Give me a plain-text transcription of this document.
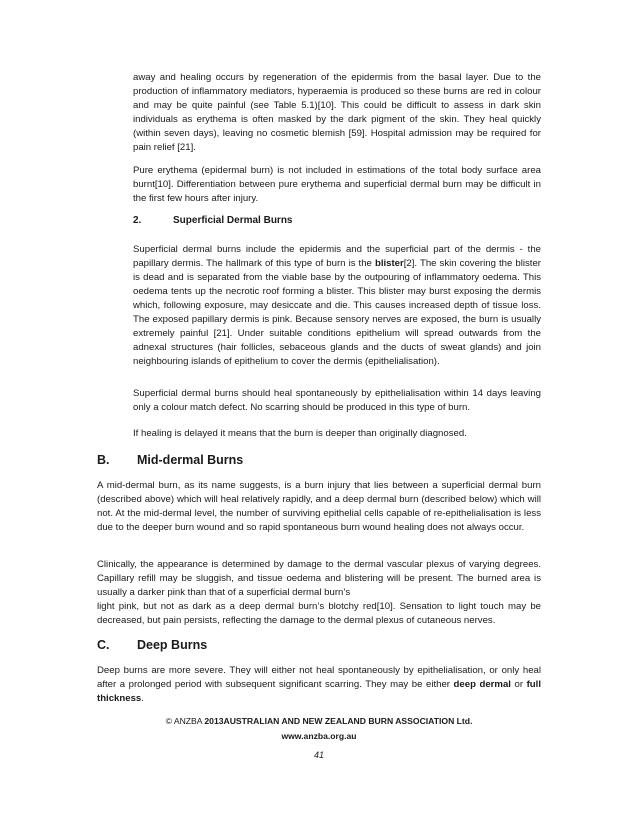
away and healing occurs by regeneration of the epidermis from the basal layer. Due to the production of inflammatory mediators, hyperaemia is produced so these burns are red in colour and may be quite painful (see Table 5.1)[10]. This could be difficult to assess in dark skin individuals as erythema is often masked by the dark pigment of the skin. They heal quickly (within seven days), leaving no cosmetic blemish [59]. Hospital admission may be required for pain relief [21].

Pure erythema (epidermal burn) is not included in estimations of the total body surface area burnt[10]. Differentiation between pure erythema and superficial dermal burn may be difficult in the first few hours after injury.

2.	Superficial Dermal Burns

Superficial dermal burns include the epidermis and the superficial part of the dermis - the papillary dermis. The hallmark of this type of burn is the blister[2]. The skin covering the blister is dead and is separated from the viable base by the outpouring of inflammatory oedema. This oedema tents up the necrotic roof forming a blister. This blister may burst exposing the dermis which, following exposure, may desiccate and die. This causes increased depth of tissue loss. The exposed papillary dermis is pink. Because sensory nerves are exposed, the burn is usually extremely painful [21]. Under suitable conditions epithelium will spread outwards from the adnexal structures (hair follicles, sebaceous glands and the ducts of sweat glands) and join neighbouring islands of epithelium to cover the dermis (epithelialisation).

Superficial dermal burns should heal spontaneously by epithelialisation within 14 days leaving only a colour match defect. No scarring should be produced in this type of burn.

If healing is delayed it means that the burn is deeper than originally diagnosed.

B. Mid-dermal Burns

A mid-dermal burn, as its name suggests, is a burn injury that lies between a superficial dermal burn (described above) which will heal relatively rapidly, and a deep dermal burn (described below) which will not. At the mid-dermal level, the number of surviving epithelial cells capable of re-epithelialisation is less due to the deeper burn wound and so rapid spontaneous burn wound healing does not always occur.

Clinically, the appearance is determined by damage to the dermal vascular plexus of varying degrees. Capillary refill may be sluggish, and tissue oedema and blistering will be present. The burned area is usually a darker pink than that of a superficial dermal burn’s

light pink, but not as dark as a deep dermal burn’s blotchy red[10]. Sensation to light touch may be decreased, but pain persists, reflecting the damage to the dermal plexus of cutaneous nerves.

C. Deep Burns

Deep burns are more severe. They will either not heal spontaneously by epithelialisation, or only heal after a prolonged period with subsequent significant scarring. They may be either deep dermal or full thickness.

© ANZBA 2013AUSTRALIAN AND NEW ZEALAND BURN ASSOCIATION Ltd.
www.anzba.org.au
41
